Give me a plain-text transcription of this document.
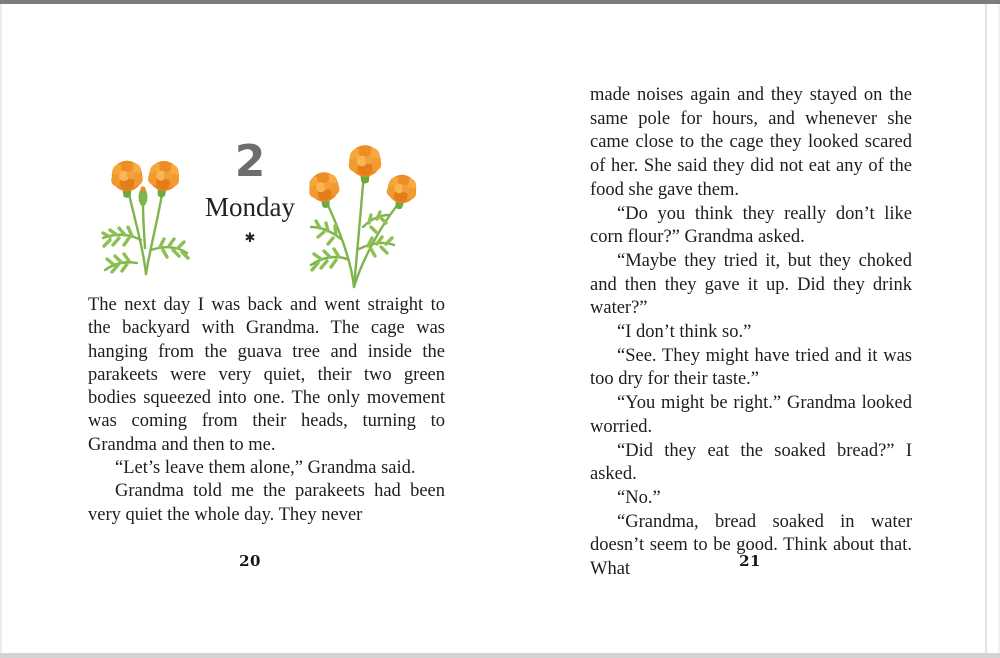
2
Monday
✱

The next day I was back and went straight to the backyard with Grandma. The cage was hanging from the guava tree and inside the parakeets were very quiet, their two green bodies squeezed into one. The only movement was coming from their heads, turning to Grandma and then to me.

“Let’s leave them alone,” Grandma said.

Grandma told me the parakeets had been very quiet the whole day. They never

20

made noises again and they stayed on the same pole for hours, and whenever she came close to the cage they looked scared of her. She said they did not eat any of the food she gave them.

“Do you think they really don’t like corn flour?” Grandma asked.

“Maybe they tried it, but they choked and then they gave it up. Did they drink water?”

“I don’t think so.”

“See. They might have tried and it was too dry for their taste.”

“You might be right.” Grandma looked worried.

“Did they eat the soaked bread?” I asked.

“No.”

“Grandma, bread soaked in water doesn’t seem to be good. Think about that. What	21
